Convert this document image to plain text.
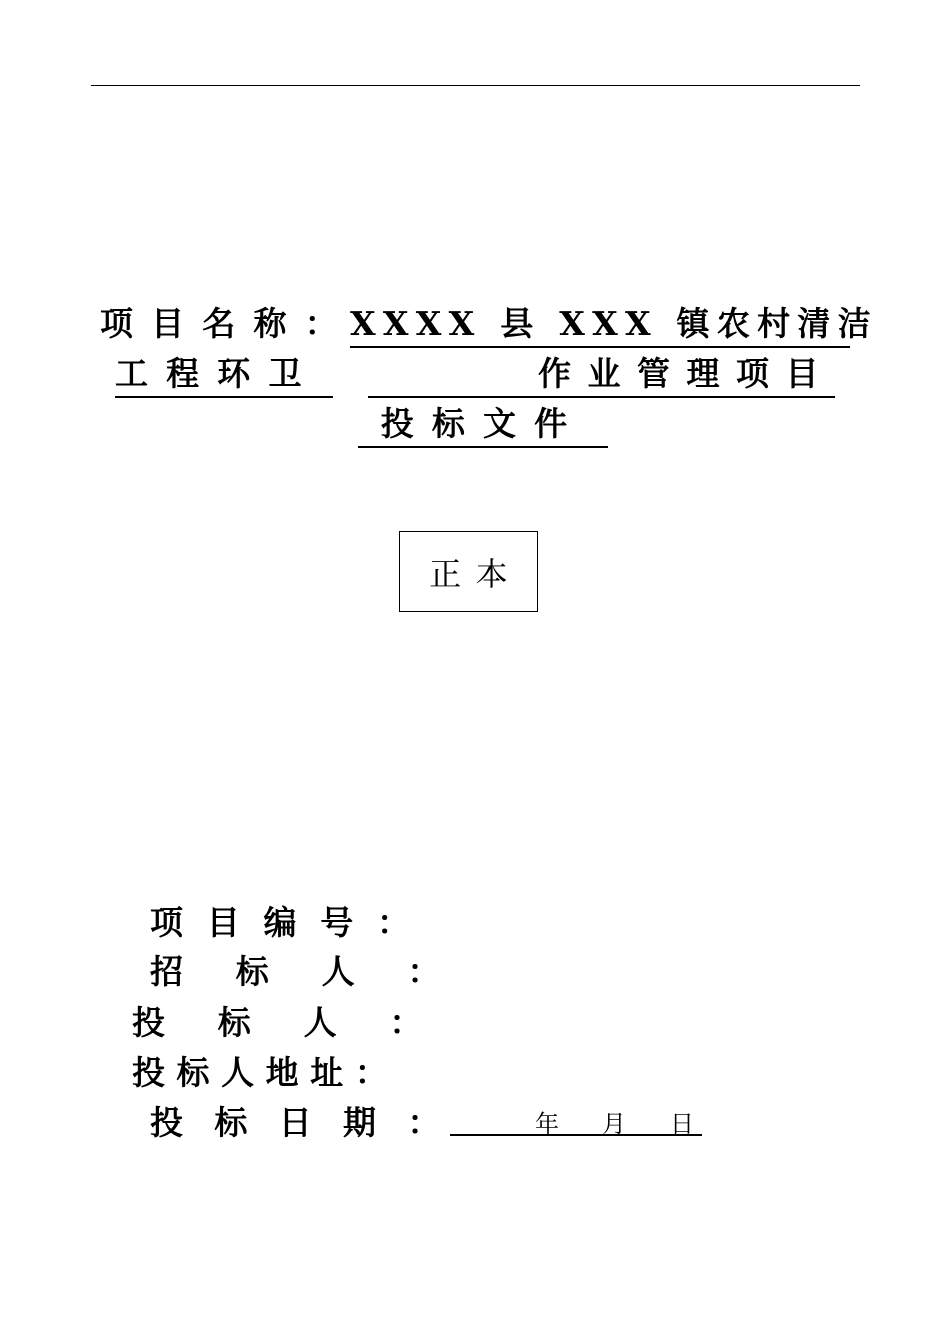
项目名称：
XXXX 县 XXX 镇农村清洁
工程环卫	作业管理项目
投标文件
正本
项目编号：
招标人：
投标人：
投标人地址：
投标日期：	年 月 日
